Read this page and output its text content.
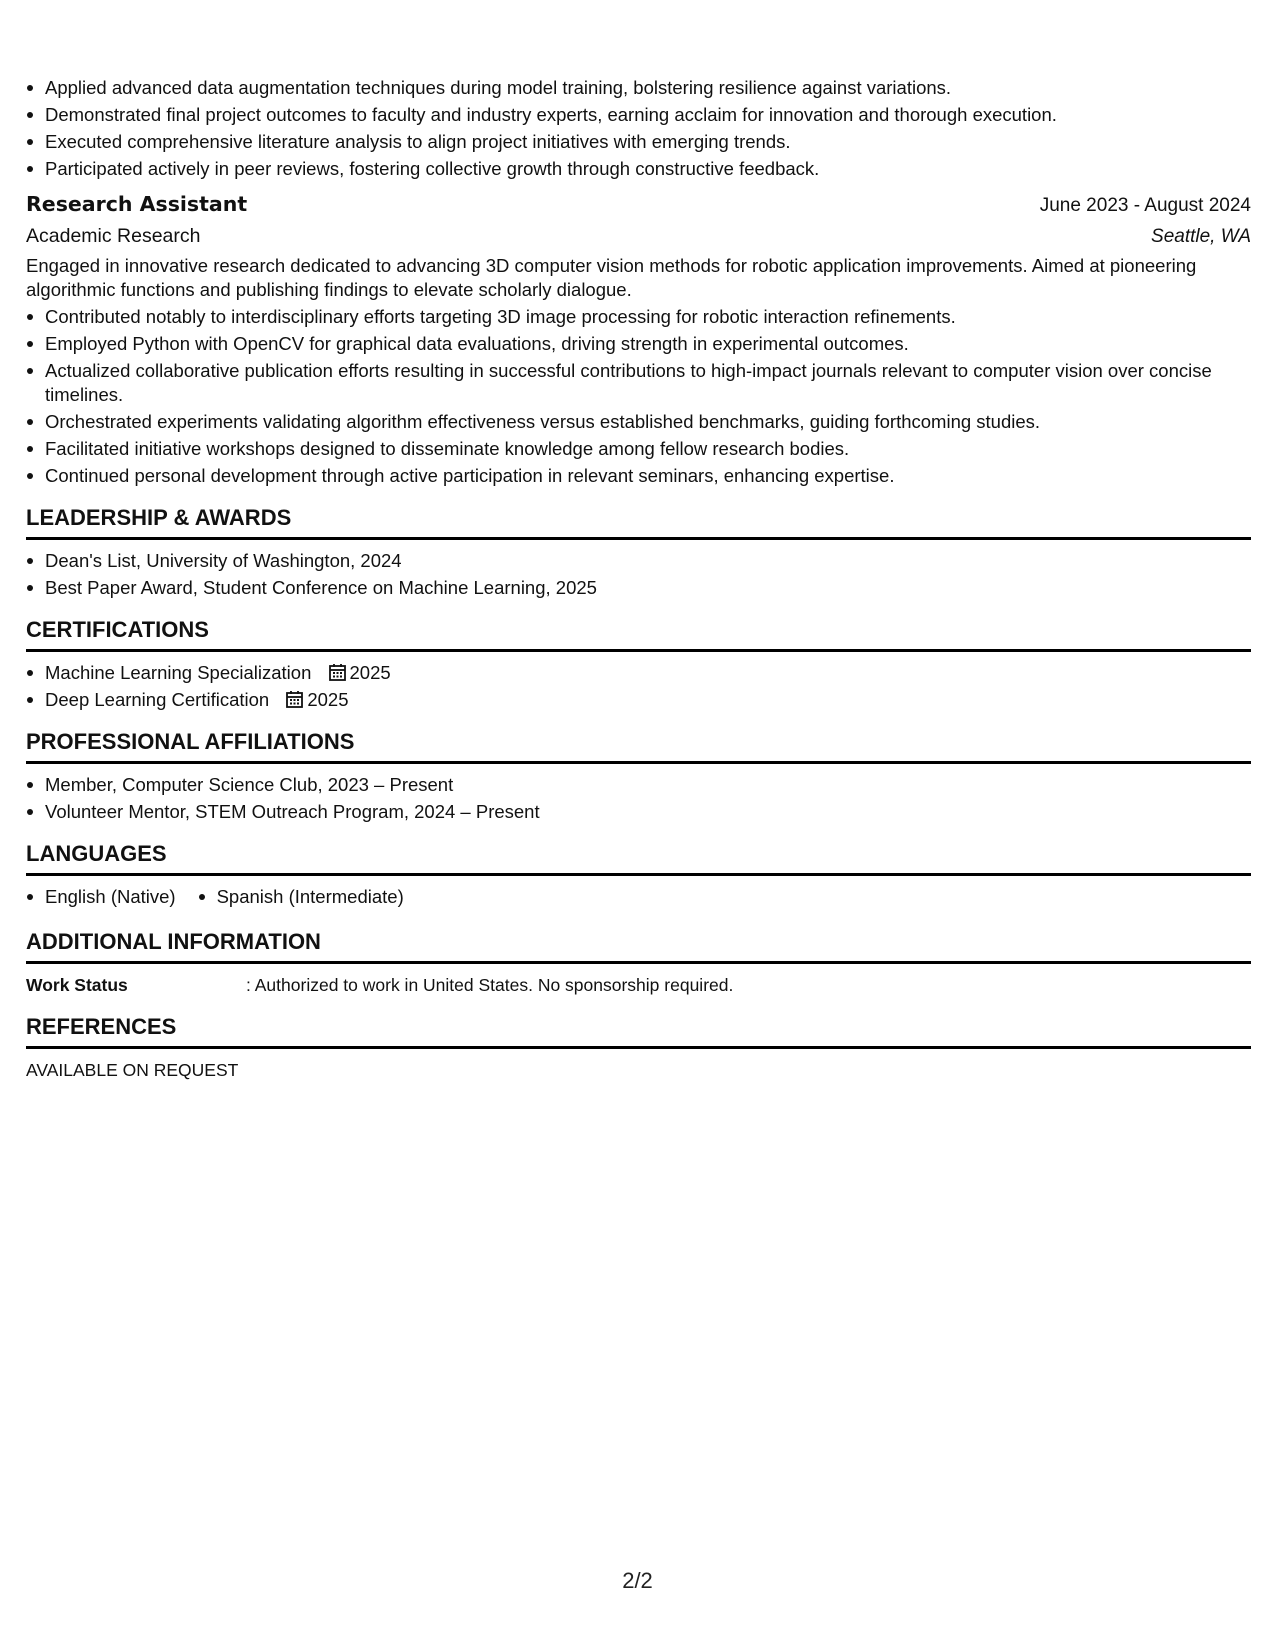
Applied advanced data augmentation techniques during model training, bolstering resilience against variations.
Demonstrated final project outcomes to faculty and industry experts, earning acclaim for innovation and thorough execution.
Executed comprehensive literature analysis to align project initiatives with emerging trends.
Participated actively in peer reviews, fostering collective growth through constructive feedback.
Research Assistant	June 2023 - August 2024
Academic Research	Seattle, WA
Engaged in innovative research dedicated to advancing 3D computer vision methods for robotic application improvements. Aimed at pioneering algorithmic functions and publishing findings to elevate scholarly dialogue.
Contributed notably to interdisciplinary efforts targeting 3D image processing for robotic interaction refinements.
Employed Python with OpenCV for graphical data evaluations, driving strength in experimental outcomes.
Actualized collaborative publication efforts resulting in successful contributions to high-impact journals relevant to computer vision over concise timelines.
Orchestrated experiments validating algorithm effectiveness versus established benchmarks, guiding forthcoming studies.
Facilitated initiative workshops designed to disseminate knowledge among fellow research bodies.
Continued personal development through active participation in relevant seminars, enhancing expertise.
LEADERSHIP & AWARDS
Dean's List, University of Washington, 2024
Best Paper Award, Student Conference on Machine Learning, 2025
CERTIFICATIONS
Machine Learning Specialization 2025
Deep Learning Certification 2025
PROFESSIONAL AFFILIATIONS
Member, Computer Science Club, 2023 – Present
Volunteer Mentor, STEM Outreach Program, 2024 – Present
LANGUAGES
English (Native)	Spanish (Intermediate)
ADDITIONAL INFORMATION
Work Status	: Authorized to work in United States. No sponsorship required.
REFERENCES
AVAILABLE ON REQUEST
2/2
